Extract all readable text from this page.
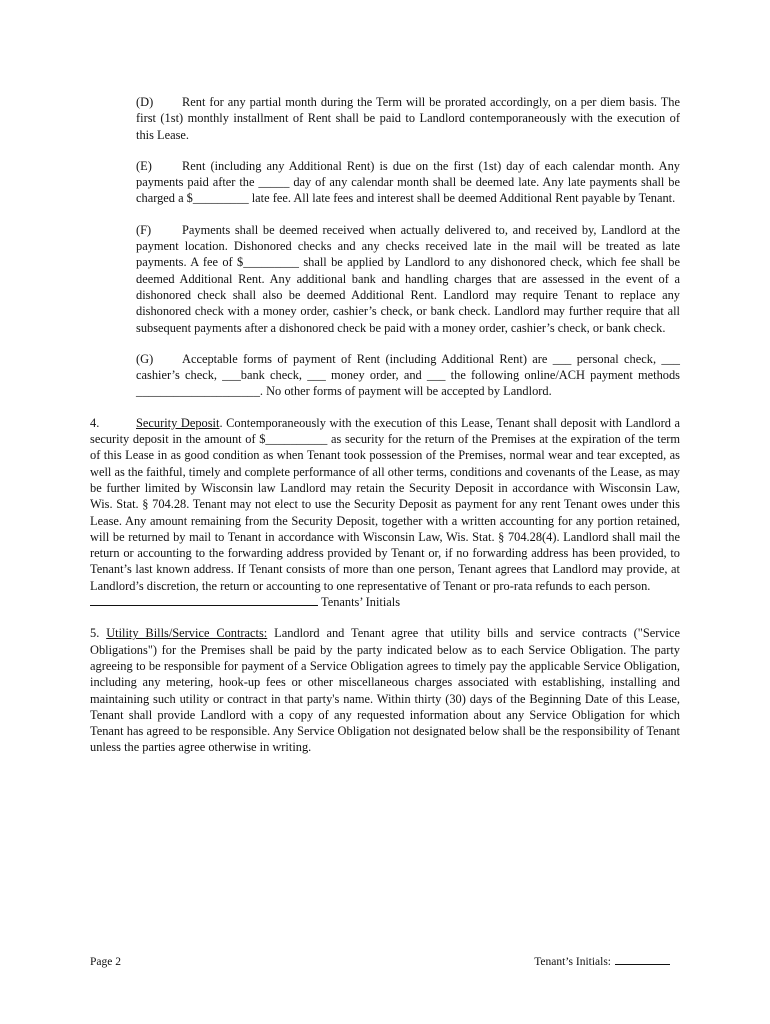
(D) Rent for any partial month during the Term will be prorated accordingly, on a per diem basis. The first (1st) monthly installment of Rent shall be paid to Landlord contemporaneously with the execution of this Lease.

(E) Rent (including any Additional Rent) is due on the first (1st) day of each calendar month. Any payments paid after the _____ day of any calendar month shall be deemed late. Any late payments shall be charged a $_________ late fee. All late fees and interest shall be deemed Additional Rent payable by Tenant.

(F) Payments shall be deemed received when actually delivered to, and received by, Landlord at the payment location. Dishonored checks and any checks received late in the mail will be treated as late payments. A fee of $_________ shall be applied by Landlord to any dishonored check, which fee shall be deemed Additional Rent. Any additional bank and handling charges that are assessed in the event of a dishonored check shall also be deemed Additional Rent. Landlord may require Tenant to replace any dishonored check with a money order, cashier’s check, or bank check. Landlord may further require that all subsequent payments after a dishonored check be paid with a money order, cashier’s check, or bank check.

(G) Acceptable forms of payment of Rent (including Additional Rent) are ___ personal check, ___ cashier’s check, ___bank check, ___ money order, and ___ the following online/ACH payment methods ____________________. No other forms of payment will be accepted by Landlord.

4.	Security Deposit. Contemporaneously with the execution of this Lease, Tenant shall deposit with Landlord a security deposit in the amount of $__________ as security for the return of the Premises at the expiration of the term of this Lease in as good condition as when Tenant took possession of the Premises, normal wear and tear excepted, as well as the faithful, timely and complete performance of all other terms, conditions and covenants of the Lease, as may be further limited by Wisconsin law Landlord may retain the Security Deposit in accordance with Wisconsin Law, Wis. Stat. § 704.28. Tenant may not elect to use the Security Deposit as payment for any rent Tenant owes under this Lease. Any amount remaining from the Security Deposit, together with a written accounting for any portion retained, will be returned by mail to Tenant in accordance with Wisconsin Law, Wis. Stat. § 704.28(4). Landlord shall mail the return or accounting to the forwarding address provided by Tenant or, if no forwarding address has been provided, to Tenant’s last known address. If Tenant consists of more than one person, Tenant agrees that Landlord may provide, at Landlord’s discretion, the return or accounting to one representative of Tenant or pro-rata refunds to each person.

Tenants’ Initials

5. Utility Bills/Service Contracts: Landlord and Tenant agree that utility bills and service contracts ("Service Obligations") for the Premises shall be paid by the party indicated below as to each Service Obligation. The party agreeing to be responsible for payment of a Service Obligation agrees to timely pay the applicable Service Obligation, including any metering, hook-up fees or other miscellaneous charges associated with establishing, installing and maintaining such utility or contract in that party's name. Within thirty (30) days of the Beginning Date of this Lease, Tenant shall provide Landlord with a copy of any requested information about any Service Obligation for which Tenant has agreed to be responsible. Any Service Obligation not designated below shall be the responsibility of Tenant unless the parties agree otherwise in writing.

Page 2	Tenant’s Initials:
